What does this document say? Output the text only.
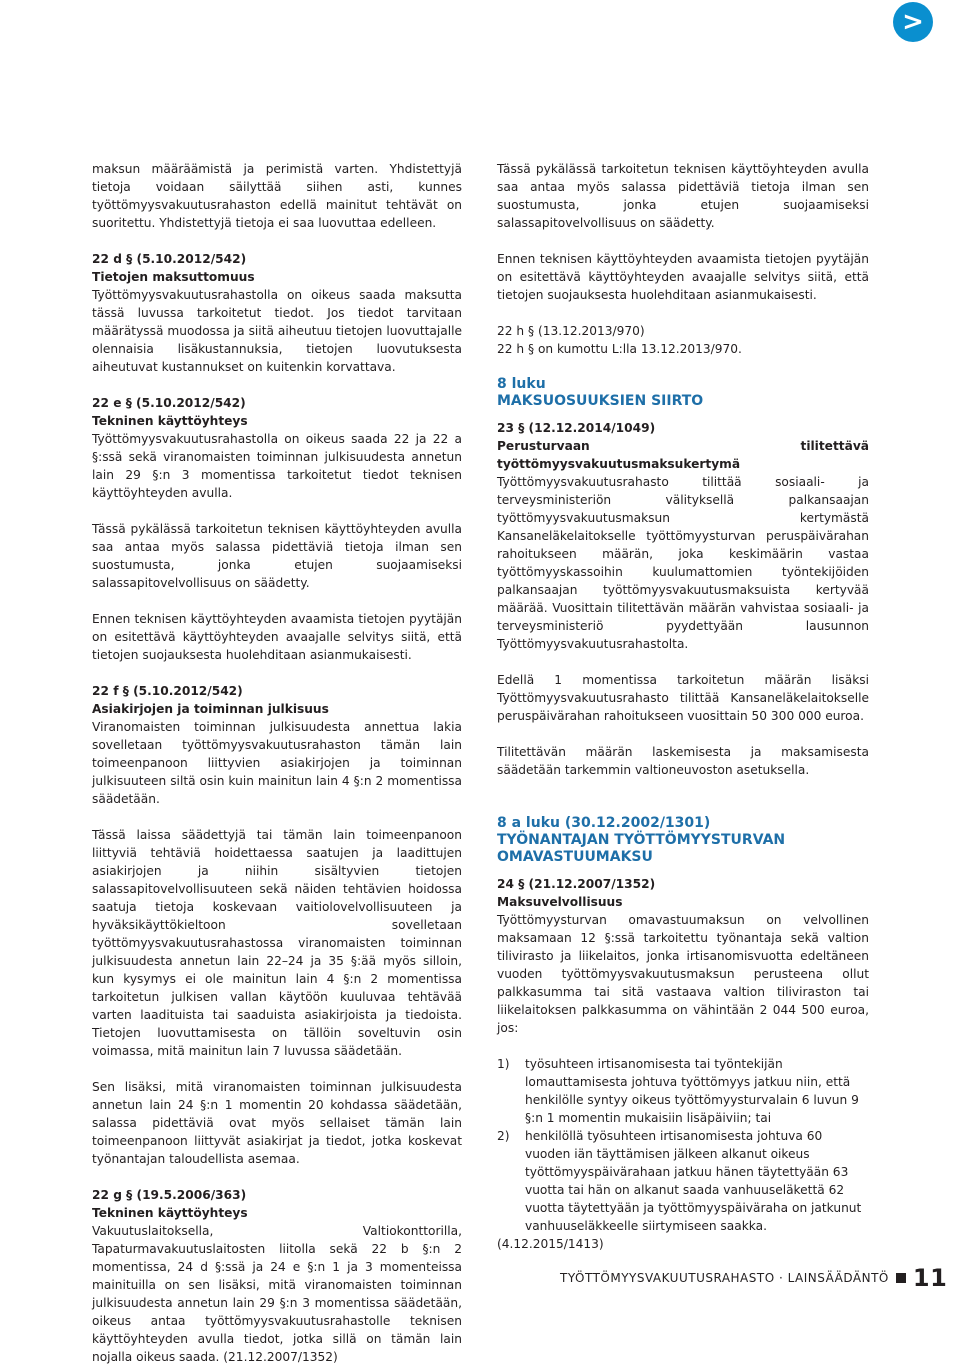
>

maksun määräämistä ja perimistä varten. Yhdistettyjä tietoja voidaan säilyttää siihen asti, kunnes työttömyysvakuutusrahaston edellä mainitut tehtävät on suoritettu. Yhdistettyjä tietoja ei saa luovuttaa edelleen.

22 d § (5.10.2012/542)

Tietojen maksuttomuus

Työttömyysvakuutusrahastolla on oikeus saada maksutta tässä luvussa tarkoitetut tiedot. Jos tiedot tarvitaan määrätyssä muodossa ja siitä aiheutuu tietojen luovuttajalle olennaisia lisäkustannuksia, tietojen luovutuksesta aiheutuvat kustannukset on kuitenkin korvattava.

22 e § (5.10.2012/542)

Tekninen käyttöyhteys

Työttömyysvakuutusrahastolla on oikeus saada 22 ja 22 a §:ssä sekä viranomaisten toiminnan julkisuudesta annetun lain 29 §:n 3 momentissa tarkoitetut tiedot teknisen käyttöyhteyden avulla.

Tässä pykälässä tarkoitetun teknisen käyttöyhteyden avulla saa antaa myös salassa pidettäviä tietoja ilman sen suostumusta, jonka etujen suojaamiseksi salassapitovelvollisuus on säädetty.

Ennen teknisen käyttöyhteyden avaamista tietojen pyytäjän on esitettävä käyttöyhteyden avaajalle selvitys siitä, että tietojen suojauksesta huolehditaan asianmukaisesti.

22 f § (5.10.2012/542)

Asiakirjojen ja toiminnan julkisuus

Viranomaisten toiminnan julkisuudesta annettua lakia sovelletaan työttömyysvakuutusrahaston tämän lain toimeenpanoon liittyvien asiakirjojen ja toiminnan julkisuuteen siltä osin kuin mainitun lain 4 §:n 2 momentissa säädetään.

Tässä laissa säädettyjä tai tämän lain toimeenpanoon liittyviä tehtäviä hoidettaessa saatujen ja laadittujen asiakirjojen ja niihin sisältyvien tietojen salassapitovelvollisuuteen sekä näiden tehtävien hoidossa saatuja tietoja koskevaan vaitiolovelvollisuuteen ja hyväksikäyttökieltoon sovelletaan työttömyysvakuutusrahastossa viranomaisten toiminnan julkisuudesta annetun lain 22–24 ja 35 §:ää myös silloin, kun kysymys ei ole mainitun lain 4 §:n 2 momentissa tarkoitetun julkisen vallan käytöön kuuluvaa tehtävää varten laadituista tai saaduista asiakirjoista ja tiedoista. Tietojen luovuttamisesta on tällöin soveltuvin osin voimassa, mitä mainitun lain 7 luvussa säädetään.

Sen lisäksi, mitä viranomaisten toiminnan julkisuudesta annetun lain 24 §:n 1 momentin 20 kohdassa säädetään, salassa pidettäviä ovat myös sellaiset tämän lain toimeenpanoon liittyvät asiakirjat ja tiedot, jotka koskevat työnantajan taloudellista asemaa.

22 g § (19.5.2006/363)

Tekninen käyttöyhteys

Vakuutuslaitoksella, Valtiokonttorilla, Tapaturmavakuutuslaitosten liitolla sekä 22 b §:n 2 momentissa, 24 d §:ssä ja 24 e §:n 1 ja 3 momenteissa mainituilla on sen lisäksi, mitä viranomaisten toiminnan julkisuudesta annetun lain 29 §:n 3 momentissa säädetään, oikeus antaa työttömyysvakuutusrahastolle teknisen käyttöyhteyden avulla tiedot, jotka sillä on tämän lain nojalla oikeus saada. (21.12.2007/1352)

Tässä pykälässä tarkoitetun teknisen käyttöyhteyden avulla saa antaa myös salassa pidettäviä tietoja ilman sen suostumusta, jonka etujen suojaamiseksi salassapitovelvollisuus on säädetty.

Ennen teknisen käyttöyhteyden avaamista tietojen pyytäjän on esitettävä käyttöyhteyden avaajalle selvitys siitä, että tietojen suojauksesta huolehditaan asianmukaisesti.

22 h § (13.12.2013/970)

22 h § on kumottu L:lla 13.12.2013/970.

8 luku

MAKSUOSUUKSIEN SIIRTO

23 § (12.12.2014/1049)

Perusturvaan tilitettävä työttömyysvakuutusmaksukertymä

Työttömyysvakuutusrahasto tilittää sosiaali- ja terveysministeriön välityksellä palkansaajan työttömyysvakuutusmaksun kertymästä Kansaneläkelaitokselle työttömyysturvan peruspäivärahan rahoitukseen määrän, joka keskimäärin vastaa työttömyyskassoihin kuulumattomien työntekijöiden palkansaajan työttömyysvakuutusmaksuista kertyvää määrää. Vuosittain tilitettävän määrän vahvistaa sosiaali- ja terveysministeriö pyydettyään lausunnon Työttömyysvakuutusrahastolta.

Edellä 1 momentissa tarkoitetun määrän lisäksi Työttömyysvakuutusrahasto tilittää Kansaneläkelaitokselle peruspäivärahan rahoitukseen vuosittain 50 300 000 euroa.

Tilitettävän määrän laskemisesta ja maksamisesta säädetään tarkemmin valtioneuvoston asetuksella.

8 a luku (30.12.2002/1301)

TYÖNANTAJAN TYÖTTÖMYYSTURVAN

OMAVASTUUMAKSU

24 § (21.12.2007/1352)

Maksuvelvollisuus

Työttömyysturvan omavastuumaksun on velvollinen maksamaan 12 §:ssä tarkoitettu työnantaja sekä valtion tilivirasto ja liikelaitos, jonka irtisanomisvuotta edeltäneen vuoden työttömyysvakuutusmaksun perusteena ollut palkkasumma tai sitä vastaava valtion tiliviraston tai liikelaitoksen palkkasumma on vähintään 2 044 500 euroa, jos:

1)	työsuhteen irtisanomisesta tai työntekijän lomauttamisesta johtuva työttömyys jatkuu niin, että henkilölle syntyy oikeus työttömyysturvalain 6 luvun 9 §:n 1 momentin mukaisiin lisäpäiviin; tai
2)	henkilöllä työsuhteen irtisanomisesta johtuva 60 vuoden iän täyttämisen jälkeen alkanut oikeus työttömyyspäivärahaan jatkuu hänen täytettyään 63 vuotta tai hän on alkanut saada vanhuuseläkettä 62 vuotta täytettyään ja työttömyyspäiväraha on jatkunut vanhuuseläkkeelle siirtymiseen saakka.

(4.12.2015/1413)

TYÖTTÖMYYSVAKUUTUSRAHASTO · LAINSÄÄDÄNTÖ 11
